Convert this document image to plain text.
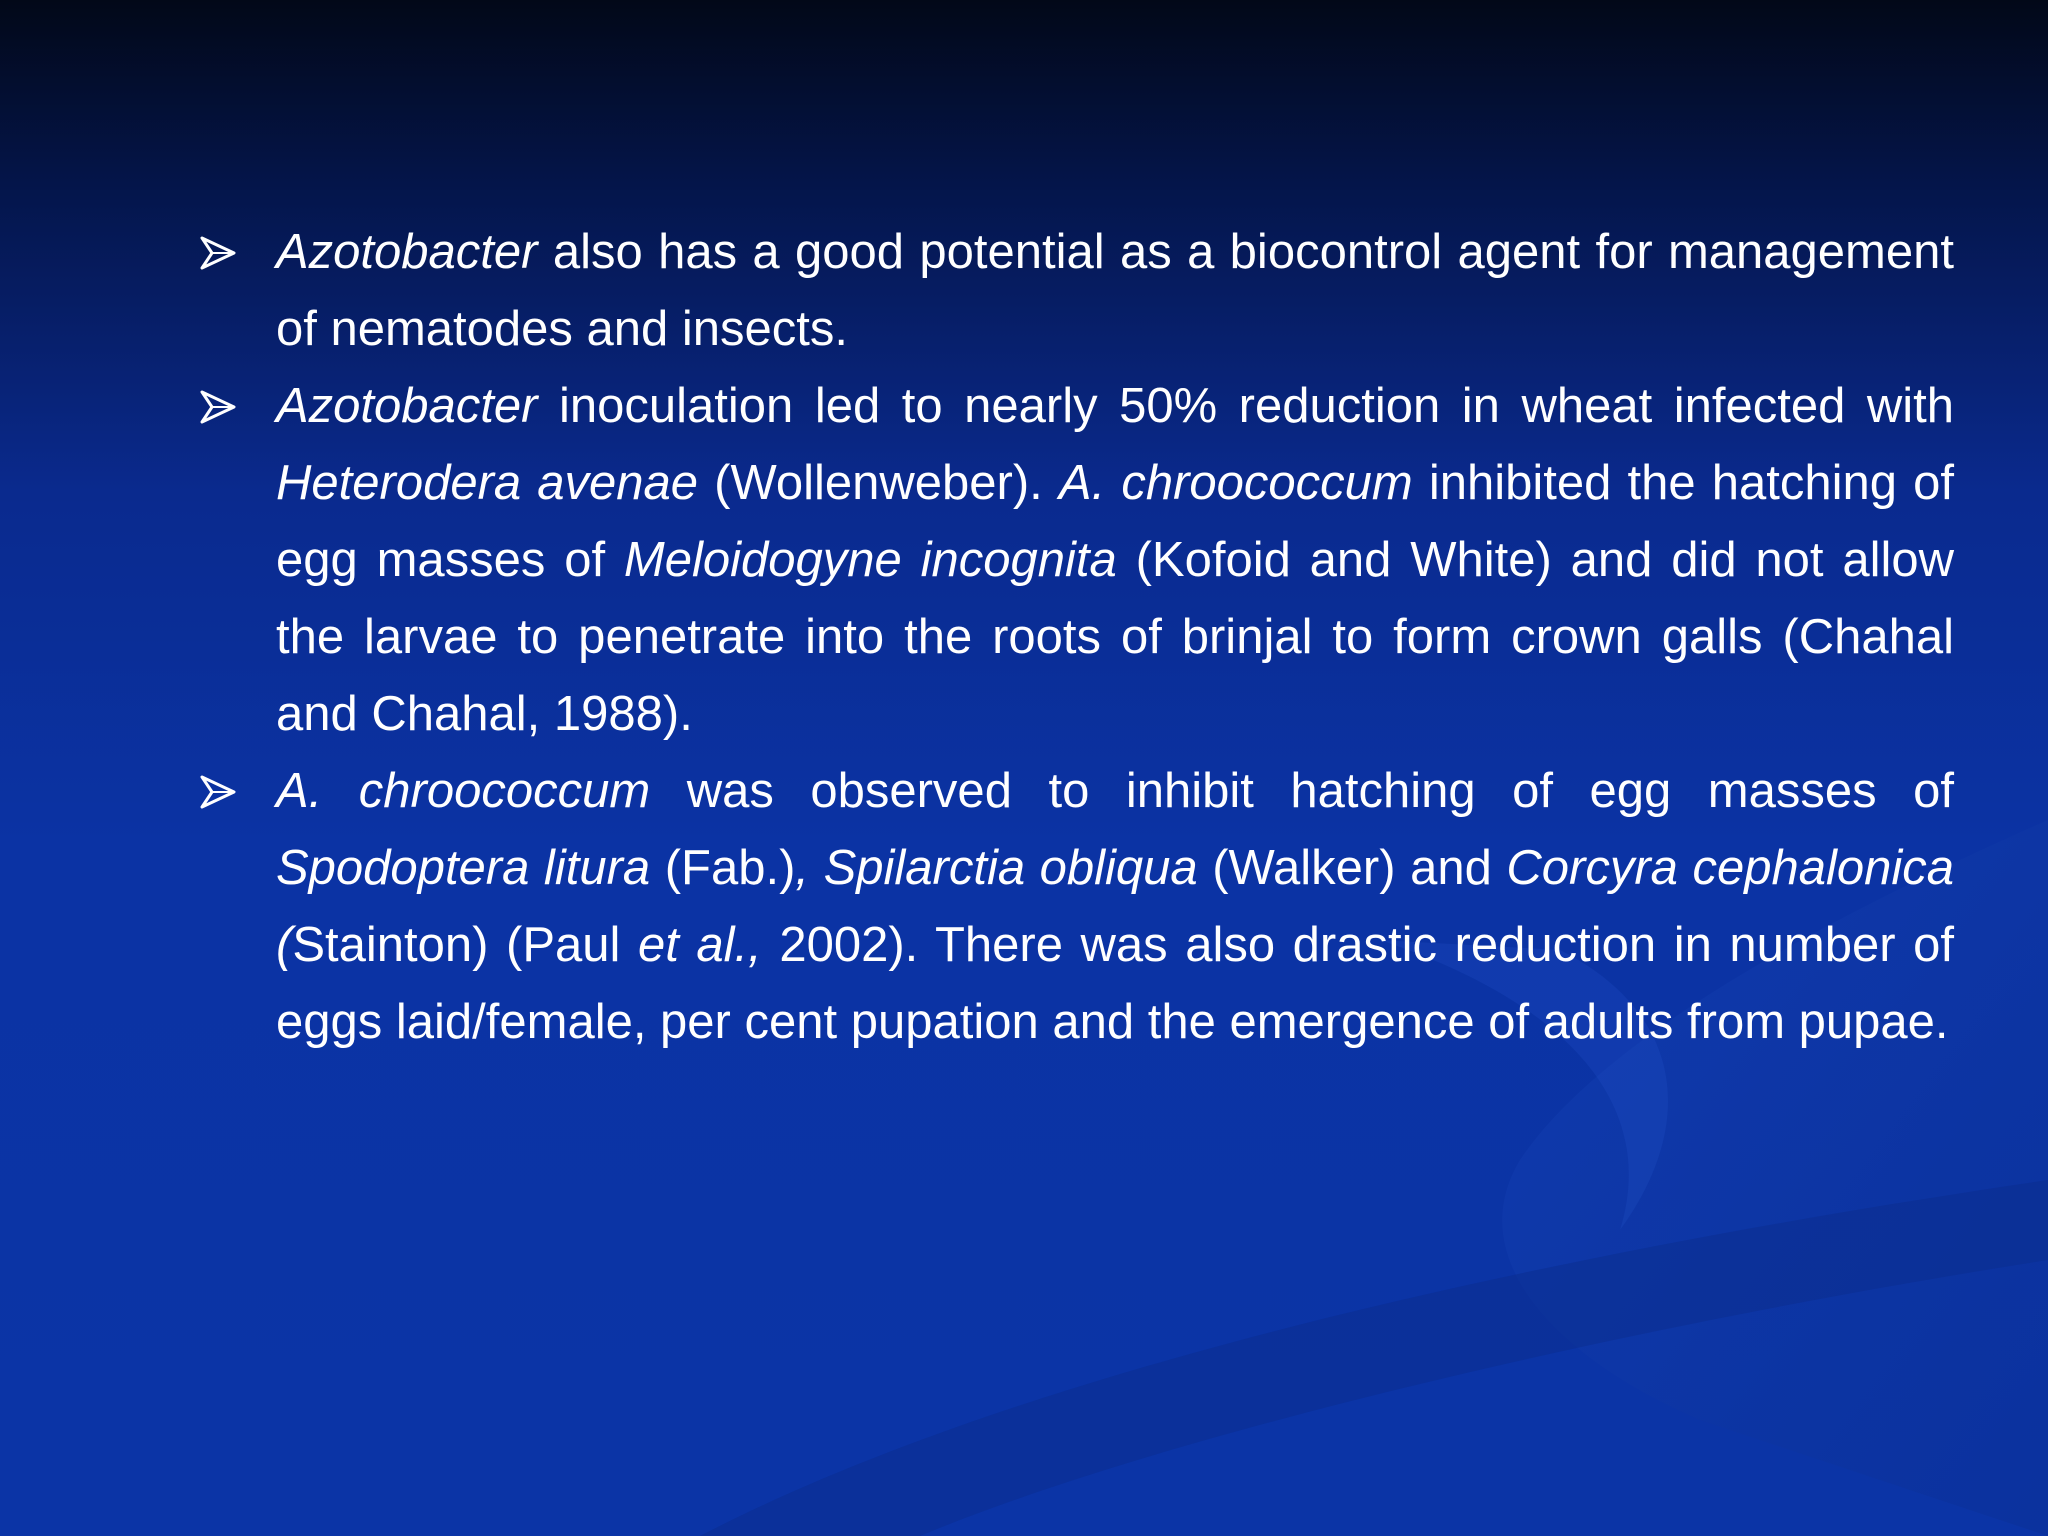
Azotobacter also has a good potential as a biocontrol agent for management of nematodes and insects.
Azotobacter inoculation led to nearly 50% reduction in wheat infected with Heterodera avenae (Wollenweber). A. chroococcum inhibited the hatching of egg masses of Meloidogyne incognita (Kofoid and White) and did not allow the larvae to penetrate into the roots of brinjal to form crown galls (Chahal and Chahal, 1988).
A. chroococcum was observed to inhibit hatching of egg masses of Spodoptera litura (Fab.), Spilarctia obliqua (Walker) and Corcyra cephalonica (Stainton) (Paul et al., 2002). There was also drastic reduction in number of eggs laid/female, per cent pupation and the emergence of adults from pupae.
